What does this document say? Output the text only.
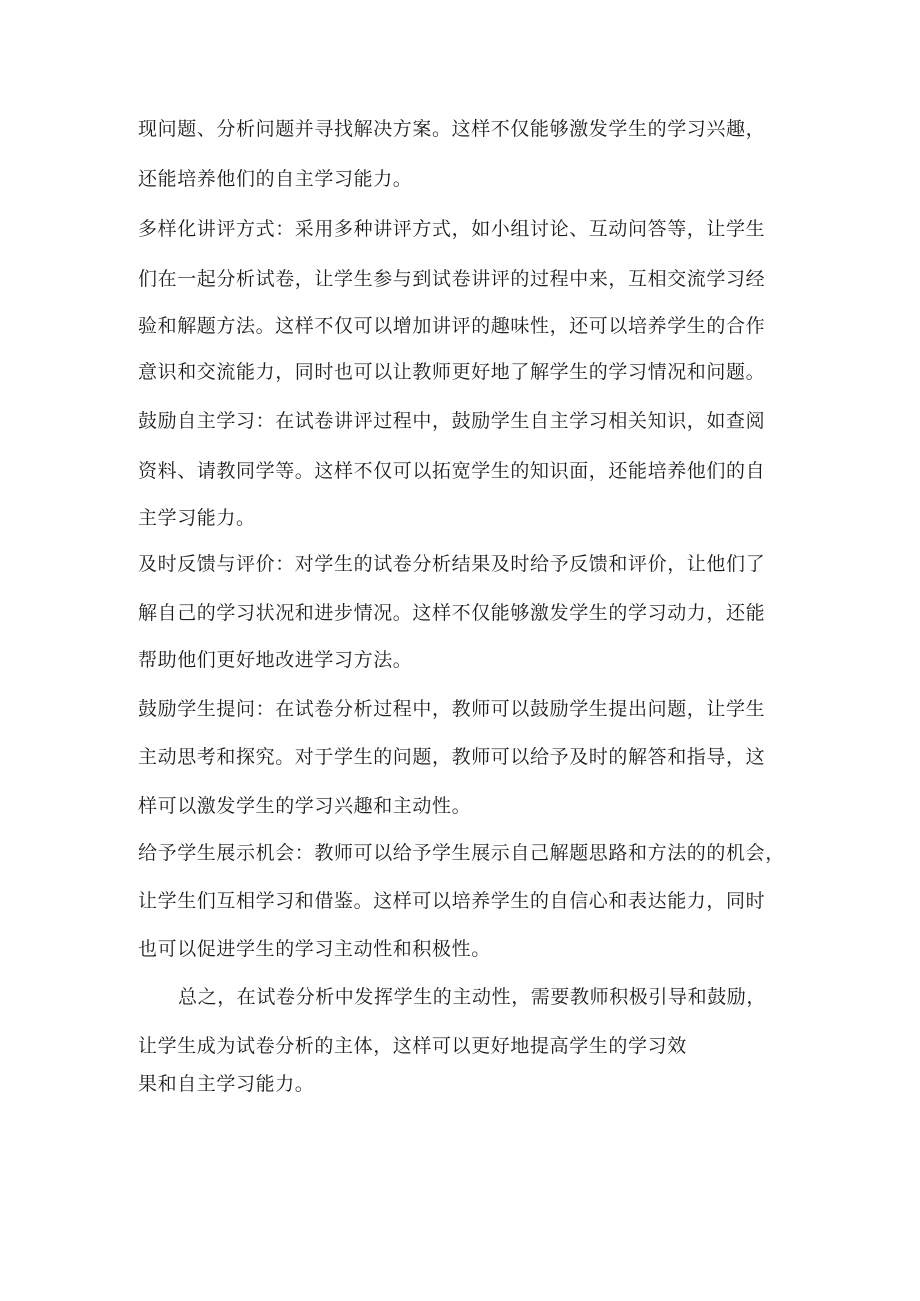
现问题、分析问题并寻找解决方案。这样不仅能够激发学生的学习兴趣，
还能培养他们的自主学习能力。
多样化讲评方式：采用多种讲评方式，如小组讨论、互动问答等，让学生
们在一起分析试卷，让学生参与到试卷讲评的过程中来，互相交流学习经
验和解题方法。这样不仅可以增加讲评的趣味性，还可以培养学生的合作
意识和交流能力，同时也可以让教师更好地了解学生的学习情况和问题。
鼓励自主学习：在试卷讲评过程中，鼓励学生自主学习相关知识，如查阅
资料、请教同学等。这样不仅可以拓宽学生的知识面，还能培养他们的自
主学习能力。
及时反馈与评价：对学生的试卷分析结果及时给予反馈和评价，让他们了
解自己的学习状况和进步情况。这样不仅能够激发学生的学习动力，还能
帮助他们更好地改进学习方法。
鼓励学生提问：在试卷分析过程中，教师可以鼓励学生提出问题，让学生
主动思考和探究。对于学生的问题，教师可以给予及时的解答和指导，这
样可以激发学生的学习兴趣和主动性。
给予学生展示机会：教师可以给予学生展示自己解题思路和方法的的机会，
让学生们互相学习和借鉴。这样可以培养学生的自信心和表达能力，同时
也可以促进学生的学习主动性和积极性。
总之，在试卷分析中发挥学生的主动性，需要教师积极引导和鼓励，
让学生成为试卷分析的主体，这样可以更好地提高学生的学习效
果和自主学习能力。
